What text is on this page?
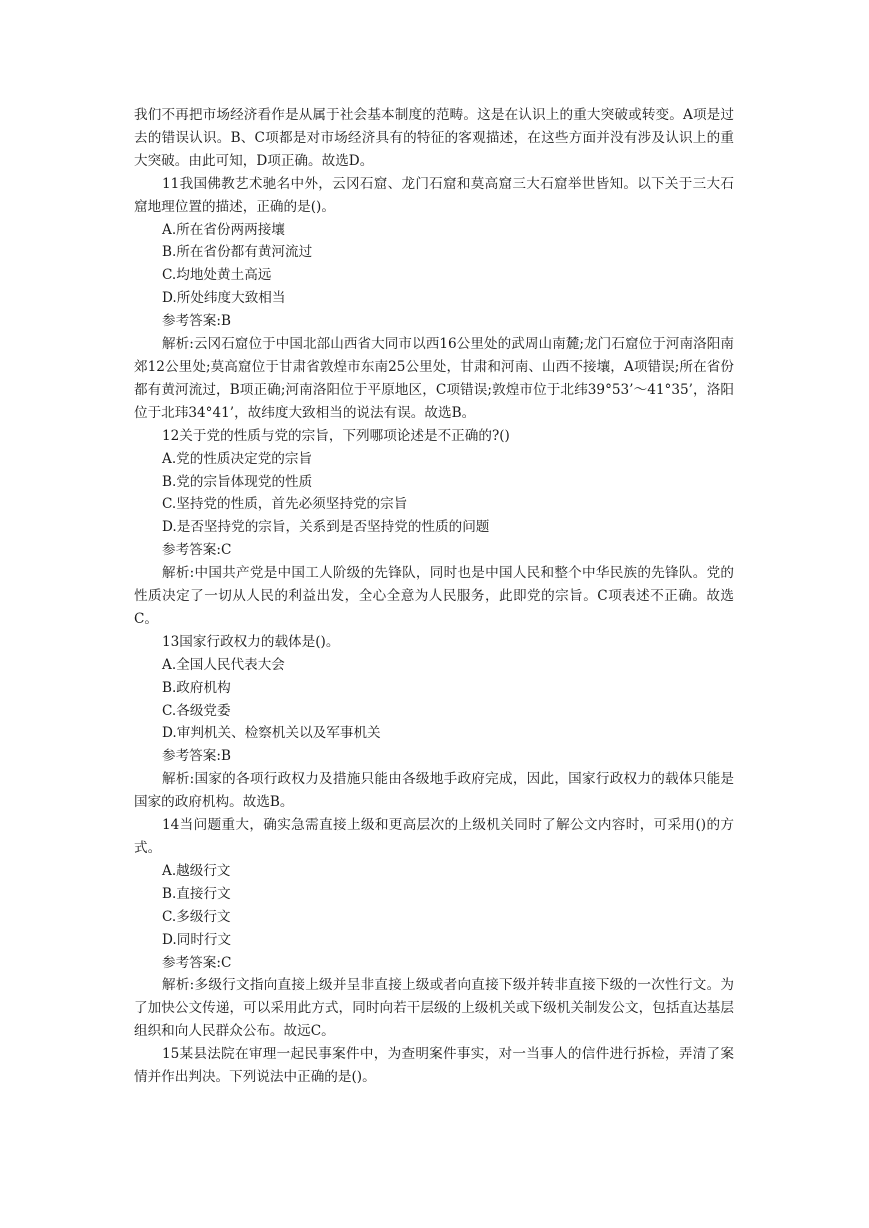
我们不再把市场经济看作是从属于社会基本制度的范畴。这是在认识上的重大突破或转变。A项是过去的错误认识。B、C项都是对市场经济具有的特征的客观描述，在这些方面并没有涉及认识上的重大突破。由此可知，D项正确。故选D。

11我国佛教艺术驰名中外，云冈石窟、龙门石窟和莫高窟三大石窟举世皆知。以下关于三大石窟地理位置的描述，正确的是()。

A.所在省份两两接壤

B.所在省份都有黄河流过

C.均地处黄土高远

D.所处纬度大致相当

参考答案:B

解析:云冈石窟位于中国北部山西省大同市以西16公里处的武周山南麓;龙门石窟位于河南洛阳南郊12公里处;莫高窟位于甘肃省敦煌市东南25公里处，甘肃和河南、山西不接壤，A项错误;所在省份都有黄河流过，B项正确;河南洛阳位于平原地区，C项错误;敦煌市位于北纬39°53’～41°35’，洛阳位于北玮34°41’，故纬度大致相当的说法有误。故选B。

12关于党的性质与党的宗旨，下列哪项论述是不正确的?()

A.党的性质决定党的宗旨

B.党的宗旨体现党的性质

C.坚持党的性质，首先必须坚持党的宗旨

D.是否坚持党的宗旨，关系到是否坚持党的性质的问题

参考答案:C

解析:中国共产党是中国工人阶级的先锋队，同时也是中国人民和整个中华民族的先锋队。党的性质决定了一切从人民的利益出发，全心全意为人民服务，此即党的宗旨。C项表述不正确。故选C。

13国家行政权力的载体是()。

A.全国人民代表大会

B.政府机构

C.各级党委

D.审判机关、检察机关以及军事机关

参考答案:B

解析:国家的各项行政权力及措施只能由各级地手政府完成，因此，国家行政权力的载体只能是国家的政府机构。故选B。

14当问题重大，确实急需直接上级和更高层次的上级机关同时了解公文内容时，可采用()的方式。

A.越级行文

B.直接行文

C.多级行文

D.同时行文

参考答案:C

解析:多级行文指向直接上级并呈非直接上级或者向直接下级并转非直接下级的一次性行文。为了加快公文传递，可以采用此方式，同时向若干层级的上级机关或下级机关制发公文，包括直达基层组织和向人民群众公布。故远C。

15某县法院在审理一起民事案件中，为查明案件事实，对一当事人的信件进行拆检，弄清了案情并作出判决。下列说法中正确的是()。
